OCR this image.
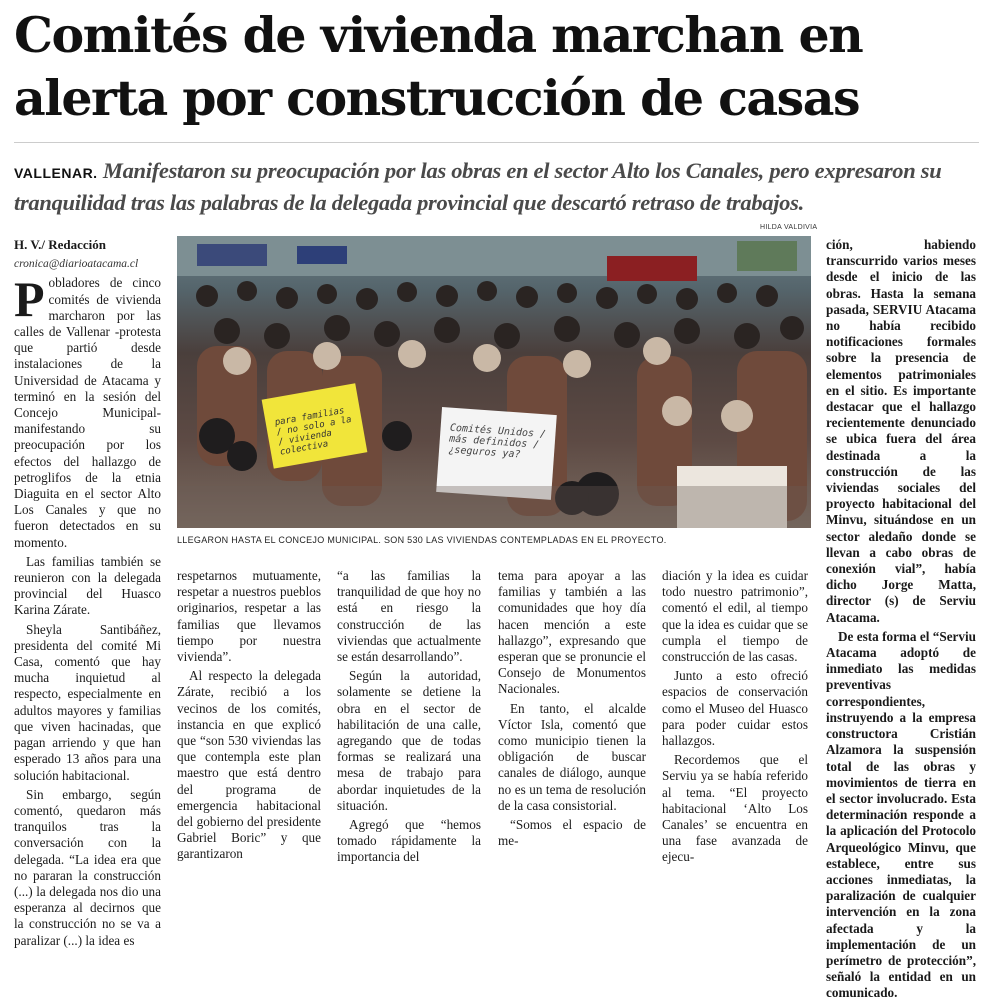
Comités de vivienda marchan en
alerta por construcción de casas
VALLENAR. Manifestaron su preocupación por las obras en el sector Alto los Canales, pero expresaron su
tranquilidad tras las palabras de la delegada provincial que descartó retraso de trabajos.

H. V./ Redacción

cronica@diarioatacama.cl

Pobladores de cinco comités de vivienda marcharon por las calles de Vallenar -protesta que partió desde instalaciones de la Universidad de Atacama y terminó en la sesión del Concejo Municipal- manifestando su preocupación por los efectos del hallazgo de petroglifos de la etnia Diaguita en el sector Alto Los Canales y que no fueron detectados en su momento.

Las familias también se reunieron con la delegada provincial del Huasco Karina Zárate.

Sheyla Santibáñez, presidenta del comité Mi Casa, comentó que hay mucha inquietud al respecto, especialmente en adultos mayores y familias que viven hacinadas, que pagan arriendo y que han esperado 13 años para una solución habitacional.

Sin embargo, según comentó, quedaron más tranquilos tras la conversación con la delegada. “La idea era que no pararan la construcción (...) la delegada nos dio una esperanza al decirnos que la construcción no se va a paralizar (...) la idea es

HILDA VALDIVIA
para familias / no solo a la / vivienda colectiva
Comités Unidos / más definidos / ¿seguros ya?
LLEGARON HASTA EL CONCEJO MUNICIPAL. SON 530 LAS VIVIENDAS CONTEMPLADAS EN EL PROYECTO.

respetarnos mutuamente, respetar a nuestros pueblos originarios, respetar a las familias que llevamos tiempo por nuestra vivienda”.

Al respecto la delegada Zárate, recibió a los vecinos de los comités, instancia en que explicó que “son 530 viviendas las que contempla este plan maestro que está dentro del programa de emergencia habitacional del gobierno del presidente Gabriel Boric” y que garantizaron

“a las familias la tranquilidad de que hoy no está en riesgo la construcción de las viviendas que actualmente se están desarrollando”.

Según la autoridad, solamente se detiene la obra en el sector de habilitación de una calle, agregando que de todas formas se realizará una mesa de trabajo para abordar inquietudes de la situación.

Agregó que “hemos tomado rápidamente la importancia del

tema para apoyar a las familias y también a las comunidades que hoy día hacen mención a este hallazgo”, expresando que esperan que se pronuncie el Consejo de Monumentos Nacionales.

En tanto, el alcalde Víctor Isla, comentó que como municipio tienen la obligación de buscar canales de diálogo, aunque no es un tema de resolución de la casa consistorial.

“Somos el espacio de me-

diación y la idea es cuidar todo nuestro patrimonio”, comentó el edil, al tiempo que la idea es cuidar que se cumpla el tiempo de construcción de las casas.

Junto a esto ofreció espacios de conservación como el Museo del Huasco para poder cuidar estos hallazgos.

Recordemos que el Serviu ya se había referido al tema. “El proyecto habitacional ‘Alto Los Canales’ se encuentra en una fase avanzada de ejecu-

ción, habiendo transcurrido varios meses desde el inicio de las obras. Hasta la semana pasada, SERVIU Atacama no había recibido notificaciones formales sobre la presencia de elementos patrimoniales en el sitio. Es importante destacar que el hallazgo recientemente denunciado se ubica fuera del área destinada a la construcción de las viviendas sociales del proyecto habitacional del Minvu, situándose en un sector aledaño donde se llevan a cabo obras de conexión vial”, había dicho Jorge Matta, director (s) de Serviu Atacama.

De esta forma el “Serviu Atacama adoptó de inmediato las medidas preventivas correspondientes, instruyendo a la empresa constructora Cristián Alzamora la suspensión total de las obras y movimientos de tierra en el sector involucrado. Esta determinación responde a la aplicación del Protocolo Arqueológico Minvu, que establece, entre sus acciones inmediatas, la paralización de cualquier intervención en la zona afectada y la implementación de un perímetro de protección”, señaló la entidad en un comunicado.
